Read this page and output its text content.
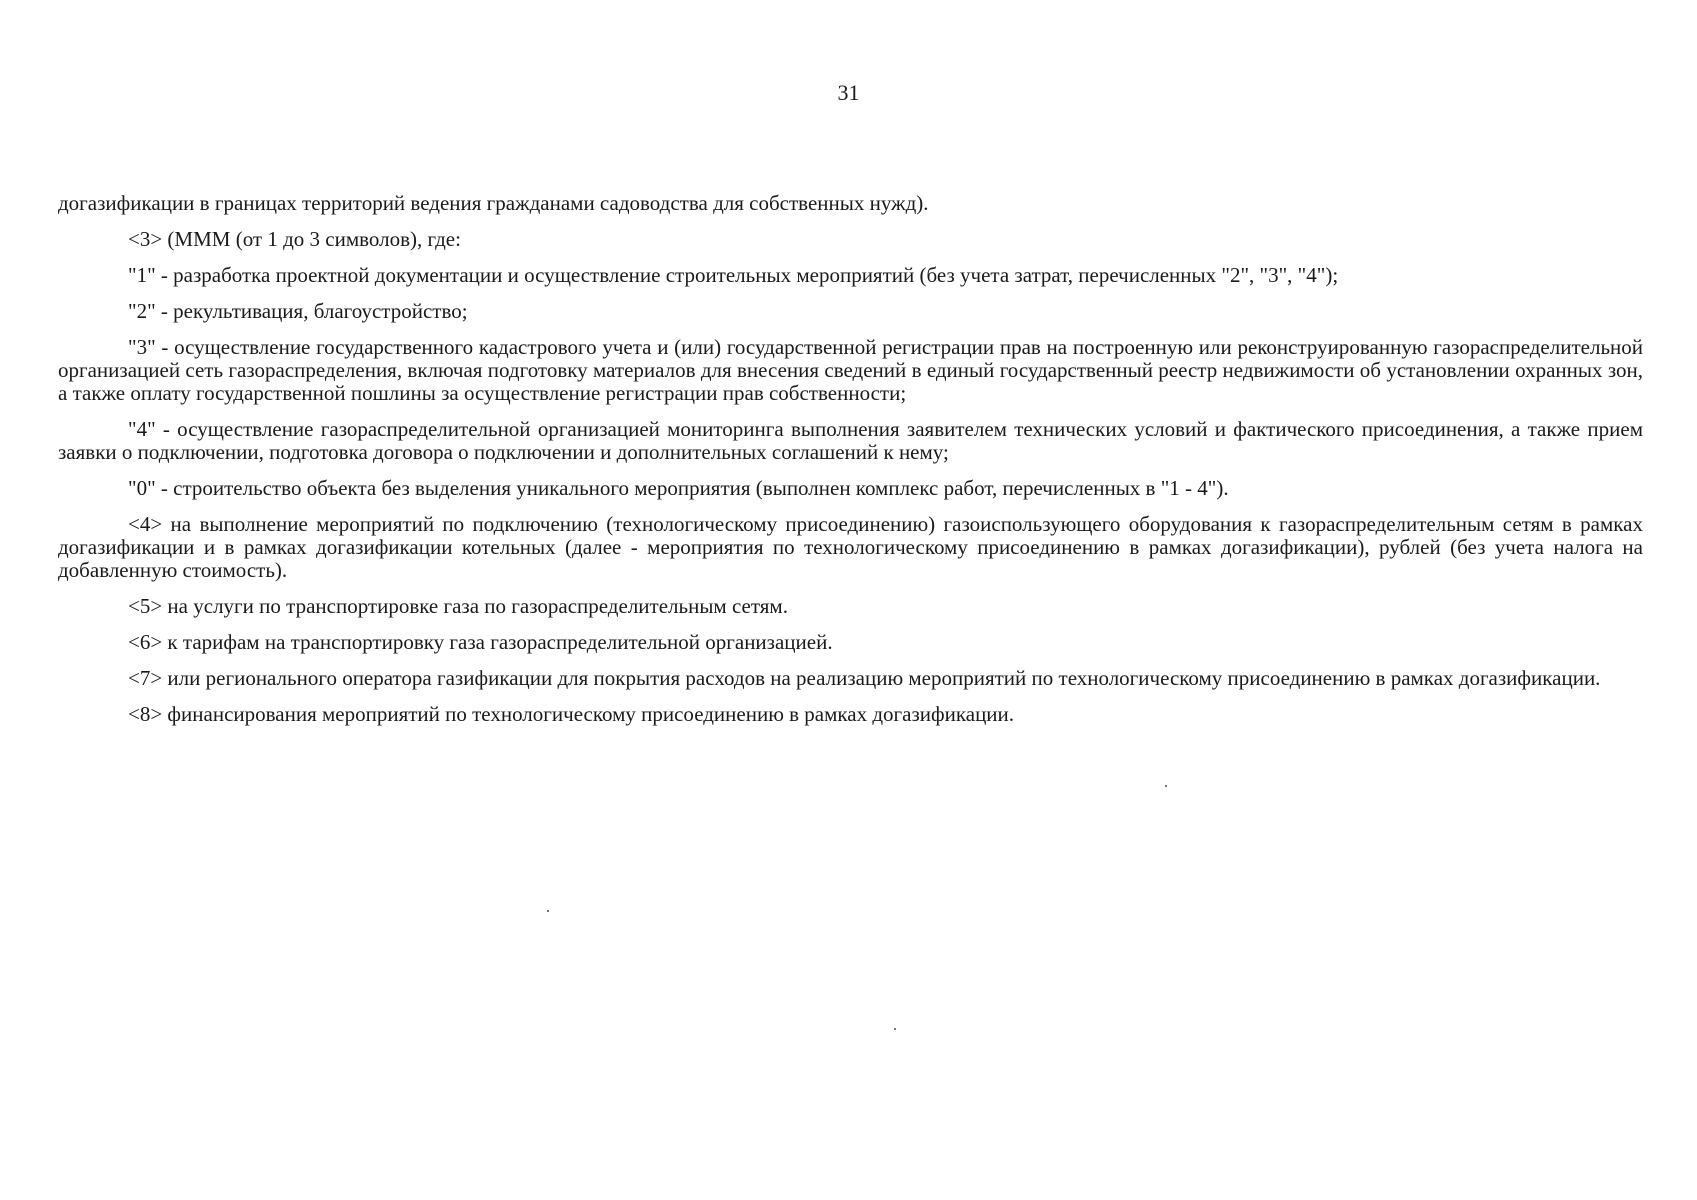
31

догазификации в границах территорий ведения гражданами садоводства для собственных нужд).

<3> (МММ (от 1 до 3 символов), где:

"1" - разработка проектной документации и осуществление строительных мероприятий (без учета затрат, перечисленных "2", "3", "4");

"2" - рекультивация, благоустройство;

"3" - осуществление государственного кадастрового учета и (или) государственной регистрации прав на построенную или реконструированную газораспределительной организацией сеть газораспределения, включая подготовку материалов для внесения сведений в единый государственный реестр недвижимости об установлении охранных зон, а также оплату государственной пошлины за осуществление регистрации прав собственности;

"4" - осуществление газораспределительной организацией мониторинга выполнения заявителем технических условий и фактического присоединения, а также прием заявки о подключении, подготовка договора о подключении и дополнительных соглашений к нему;

"0" - строительство объекта без выделения уникального мероприятия (выполнен комплекс работ, перечисленных в "1 - 4").

<4> на выполнение мероприятий по подключению (технологическому присоединению) газоиспользующего оборудования к газораспределительным сетям в рамках догазификации и в рамках догазификации котельных (далее - мероприятия по технологическому присоединению в рамках догазификации), рублей (без учета налога на добавленную стоимость).

<5> на услуги по транспортировке газа по газораспределительным сетям.

<6> к тарифам на транспортировку газа газораспределительной организацией.

<7> или регионального оператора газификации для покрытия расходов на реализацию мероприятий по технологическому присоединению в рамках догазификации.

<8> финансирования мероприятий по технологическому присоединению в рамках догазификации.
